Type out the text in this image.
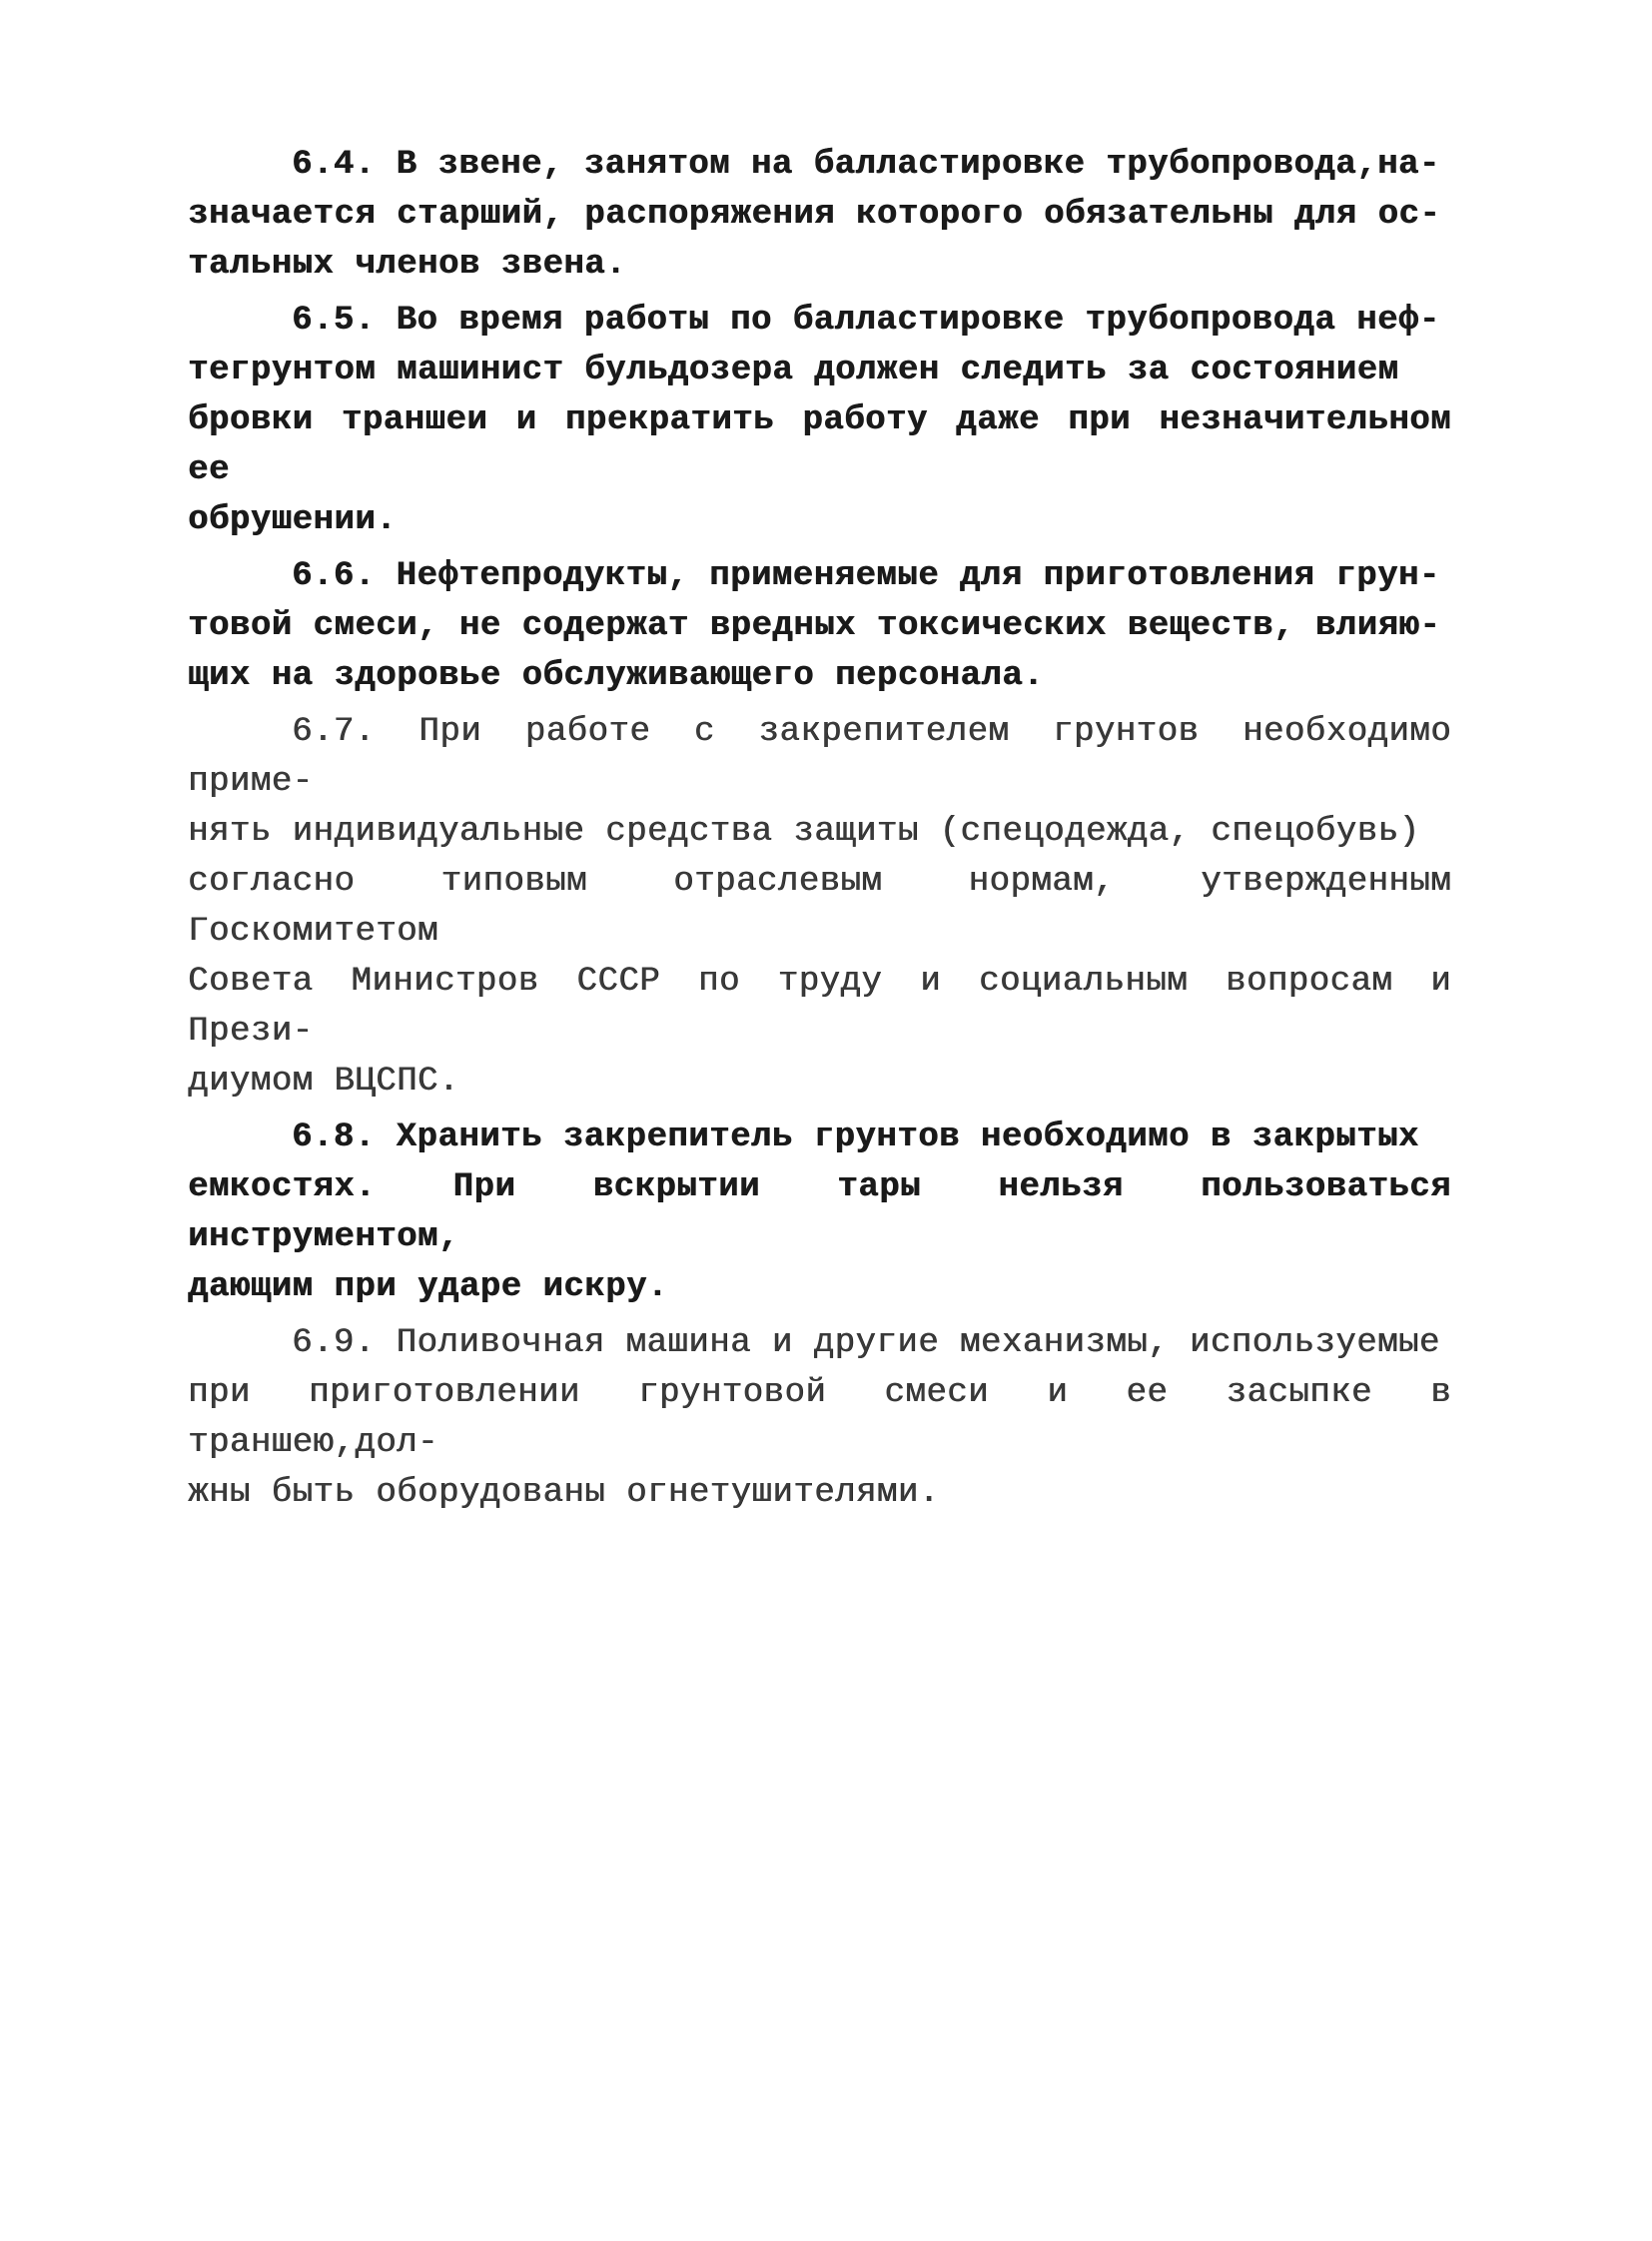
6.4. В звене, занятом на балластировке трубопровода,на-
значается старший, распоряжения которого обязательны для ос-
тальных членов звена.

6.5. Во время работы по балластировке трубопровода неф-
тегрунтом машинист бульдозера должен следить за состоянием
бровки траншеи и прекратить работу даже при незначительном ее
обрушении.

6.6. Нефтепродукты, применяемые для приготовления грун-
товой смеси, не содержат вредных токсических веществ, влияю-
щих на здоровье обслуживающего персонала.

6.7. При работе с закрепителем грунтов необходимо приме-
нять индивидуальные средства защиты (спецодежда, спецобувь)
согласно типовым отраслевым нормам, утвержденным Госкомитетом
Совета Министров СССР по труду и социальным вопросам и Прези-
диумом ВЦСПС.

6.8. Хранить закрепитель грунтов необходимо в закрытых
емкостях. При вскрытии тары нельзя пользоваться инструментом,
дающим при ударе искру.

6.9. Поливочная машина и другие механизмы, используемые
при приготовлении грунтовой смеси и ее засыпке в траншею,дол-
жны быть оборудованы огнетушителями.
